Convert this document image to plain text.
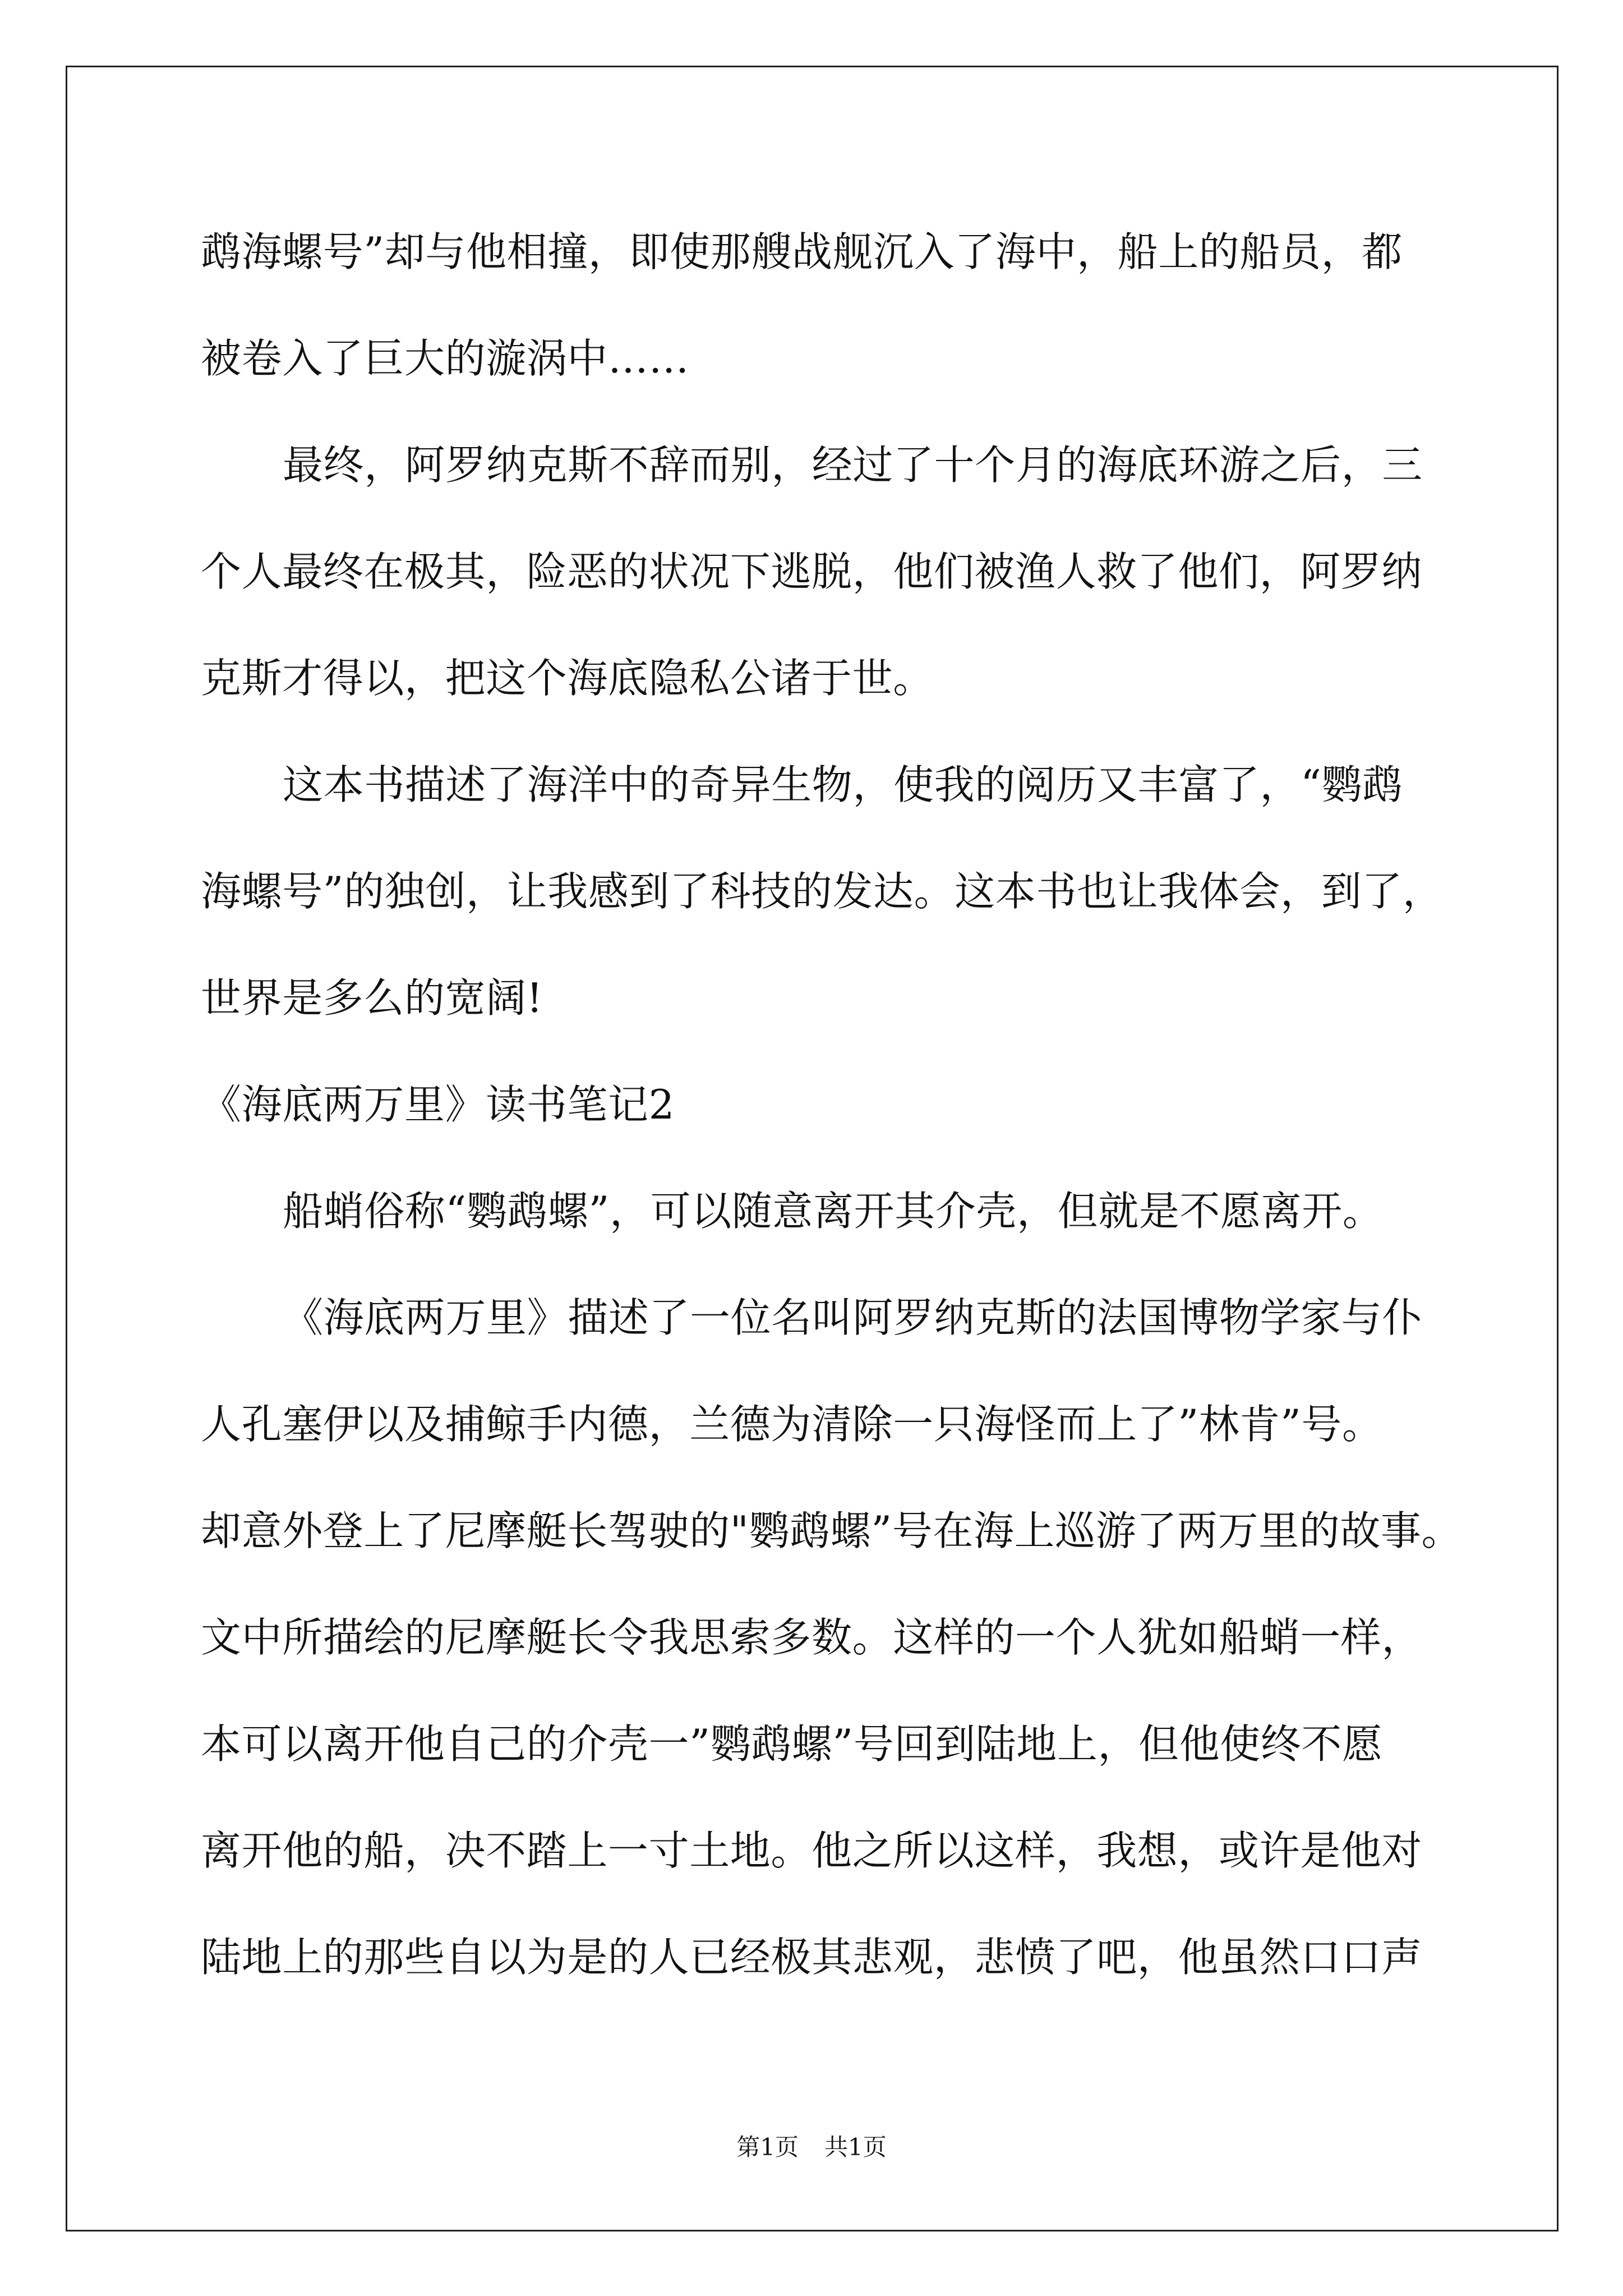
鹉海螺号”却与他相撞，即使那艘战舰沉入了海中，船上的船员，都
被卷入了巨大的漩涡中……
最终，阿罗纳克斯不辞而别，经过了十个月的海底环游之后，三
个人最终在极其，险恶的状况下逃脱，他们被渔人救了他们，阿罗纳
克斯才得以，把这个海底隐私公诸于世。
这本书描述了海洋中的奇异生物，使我的阅历又丰富了，“鹦鹉
海螺号”的独创，让我感到了科技的发达。这本书也让我体会，到了，
世界是多么的宽阔!
《海底两万里》读书笔记2
船蛸俗称“鹦鹉螺”，可以随意离开其介壳，但就是不愿离开。
《海底两万里》描述了一位名叫阿罗纳克斯的法国博物学家与仆
人孔塞伊以及捕鲸手内德，兰德为清除一只海怪而上了”林肯”号。
却意外登上了尼摩艇长驾驶的"鹦鹉螺”号在海上巡游了两万里的故事。
文中所描绘的尼摩艇长令我思索多数。这样的一个人犹如船蛸一样，
本可以离开他自己的介壳一”鹦鹉螺”号回到陆地上，但他使终不愿
离开他的船，决不踏上一寸土地。他之所以这样，我想，或许是他对
陆地上的那些自以为是的人已经极其悲观，悲愤了吧，他虽然口口声
第1页 共1页
